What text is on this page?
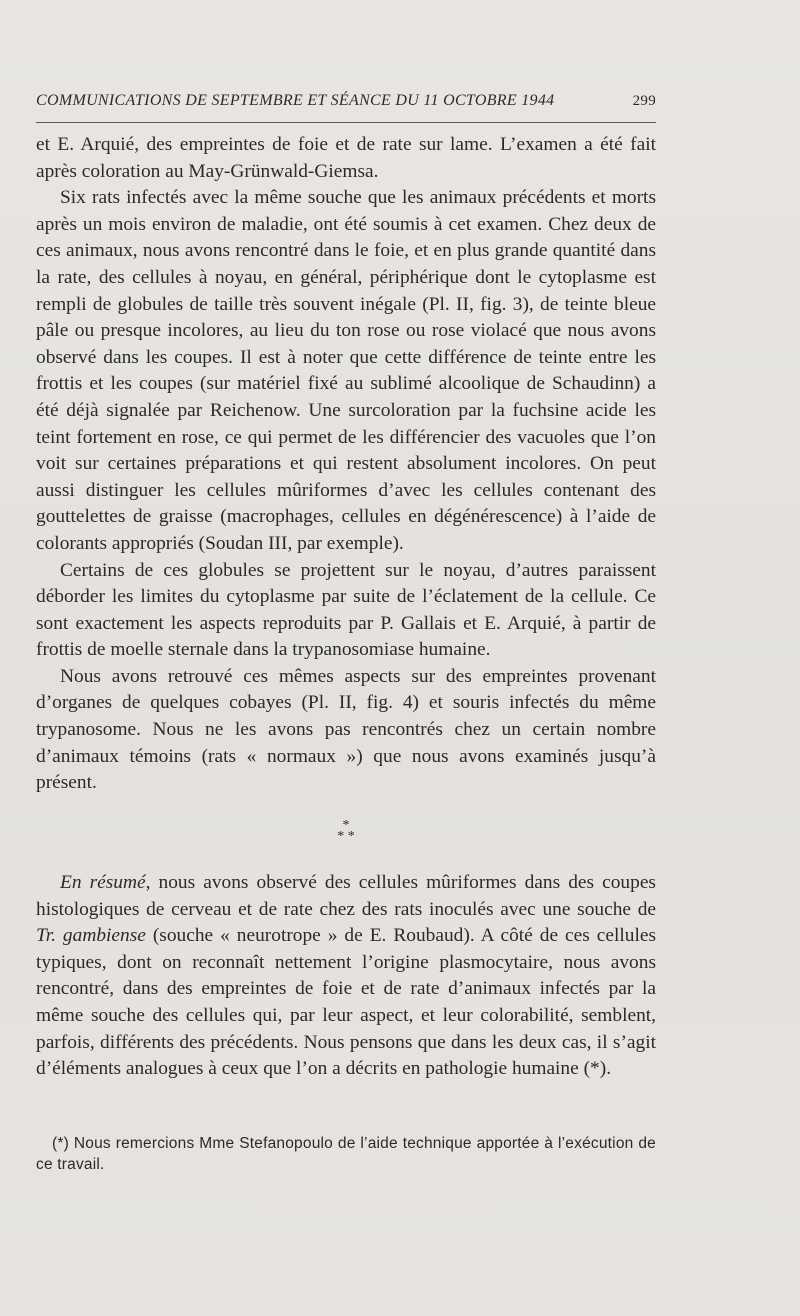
COMMUNICATIONS DE SEPTEMBRE ET SÉANCE DU 11 OCTOBRE 1944	299

et E. Arquié, des empreintes de foie et de rate sur lame. L’examen a été fait après coloration au May-Grünwald-Giemsa.

Six rats infectés avec la même souche que les animaux précédents et morts après un mois environ de maladie, ont été soumis à cet examen. Chez deux de ces animaux, nous avons rencontré dans le foie, et en plus grande quantité dans la rate, des cellules à noyau, en général, périphérique dont le cytoplasme est rempli de globules de taille très souvent inégale (Pl. II, fig. 3), de teinte bleue pâle ou presque incolores, au lieu du ton rose ou rose violacé que nous avons observé dans les coupes. Il est à noter que cette différence de teinte entre les frottis et les coupes (sur matériel fixé au sublimé alcoolique de Schaudinn) a été déjà signalée par Reichenow. Une surcoloration par la fuchsine acide les teint fortement en rose, ce qui permet de les différencier des vacuoles que l’on voit sur certaines préparations et qui restent absolument incolores. On peut aussi distinguer les cellules mûriformes d’avec les cellules contenant des gouttelettes de graisse (macrophages, cellules en dégénérescence) à l’aide de colorants appropriés (Soudan III, par exemple).

Certains de ces globules se projettent sur le noyau, d’autres paraissent déborder les limites du cytoplasme par suite de l’éclatement de la cellule. Ce sont exactement les aspects reproduits par P. Gallais et E. Arquié, à partir de frottis de moelle sternale dans la trypanosomiase humaine.

Nous avons retrouvé ces mêmes aspects sur des empreintes provenant d’organes de quelques cobayes (Pl. II, fig. 4) et souris infectés du même trypanosome. Nous ne les avons pas rencontrés chez un certain nombre d’animaux témoins (rats « normaux ») que nous avons examinés jusqu’à présent.

*
* *

En résumé, nous avons observé des cellules mûriformes dans des coupes histologiques de cerveau et de rate chez des rats inoculés avec une souche de Tr. gambiense (souche « neurotrope » de E. Roubaud). A côté de ces cellules typiques, dont on reconnaît nettement l’origine plasmocytaire, nous avons rencontré, dans des empreintes de foie et de rate d’animaux infectés par la même souche des cellules qui, par leur aspect, et leur colorabilité, semblent, parfois, différents des précédents. Nous pensons que dans les deux cas, il s’agit d’éléments analogues à ceux que l’on a décrits en pathologie humaine (*).

(*) Nous remercions Mme Stefanopoulo de l’aide technique apportée à l’exécution de ce travail.
